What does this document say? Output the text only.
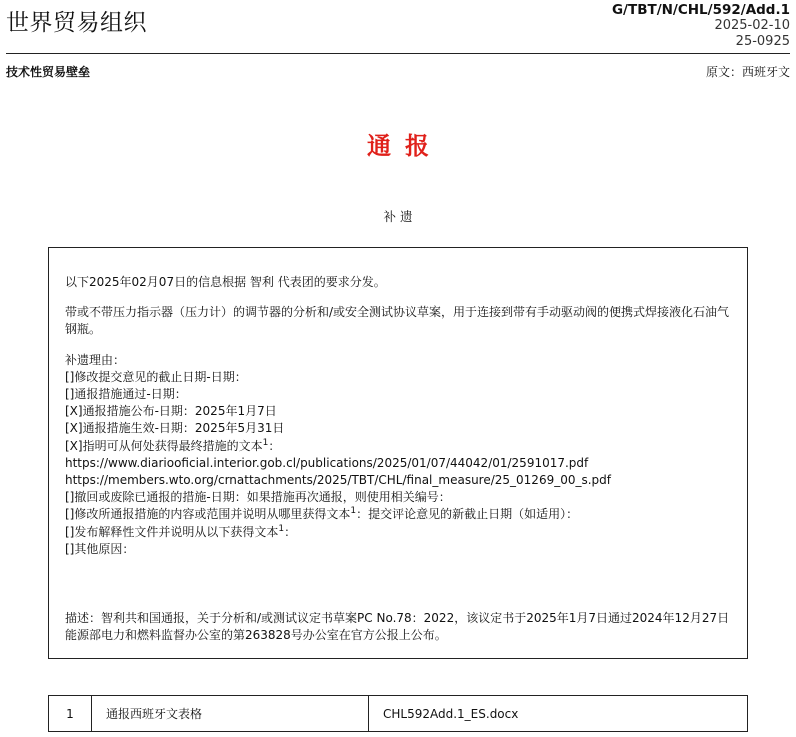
世界贸易组织	G/TBT/N/CHL/592/Add.1
2025-02-10
25-0925
技术性贸易壁垒	原文：西班牙文
通报
补遗

以下2025年02月07日的信息根据 智利 代表团的要求分发。

带或不带压力指示器（压力计）的调节器的分析和/或安全测试协议草案，用于连接到带有手动驱动阀的便携式焊接液化石油气钢瓶。

补遗理由：

[]修改提交意见的截止日期-日期：

[]通报措施通过-日期：

[X]通报措施公布-日期：2025年1月7日

[X]通报措施生效-日期：2025年5月31日

[X]指明可从何处获得最终措施的文本$^1$：

https://www.diariooficial.interior.gob.cl/publications/2025/01/07/44042/01/2591017.pdf

https://members.wto.org/crnattachments/2025/TBT/CHL/final_measure/25_01269_00_s.pdf

[]撤回或废除已通报的措施-日期：如果措施再次通报，则使用相关编号：

[]修改所通报措施的内容或范围并说明从哪里获得文本$^1$：提交评论意见的新截止日期（如适用）：

[]发布解释性文件并说明从以下获得文本$^1$：

[]其他原因：

描述：智利共和国通报，关于分析和/或测试议定书草案PC No.78：2022，该议定书于2025年1月7日通过2024年12月27日能源部电力和燃料监督办公室的第263828号办公室在官方公报上公布。

1	通报西班牙文表格	CHL592Add.1_ES.docx
